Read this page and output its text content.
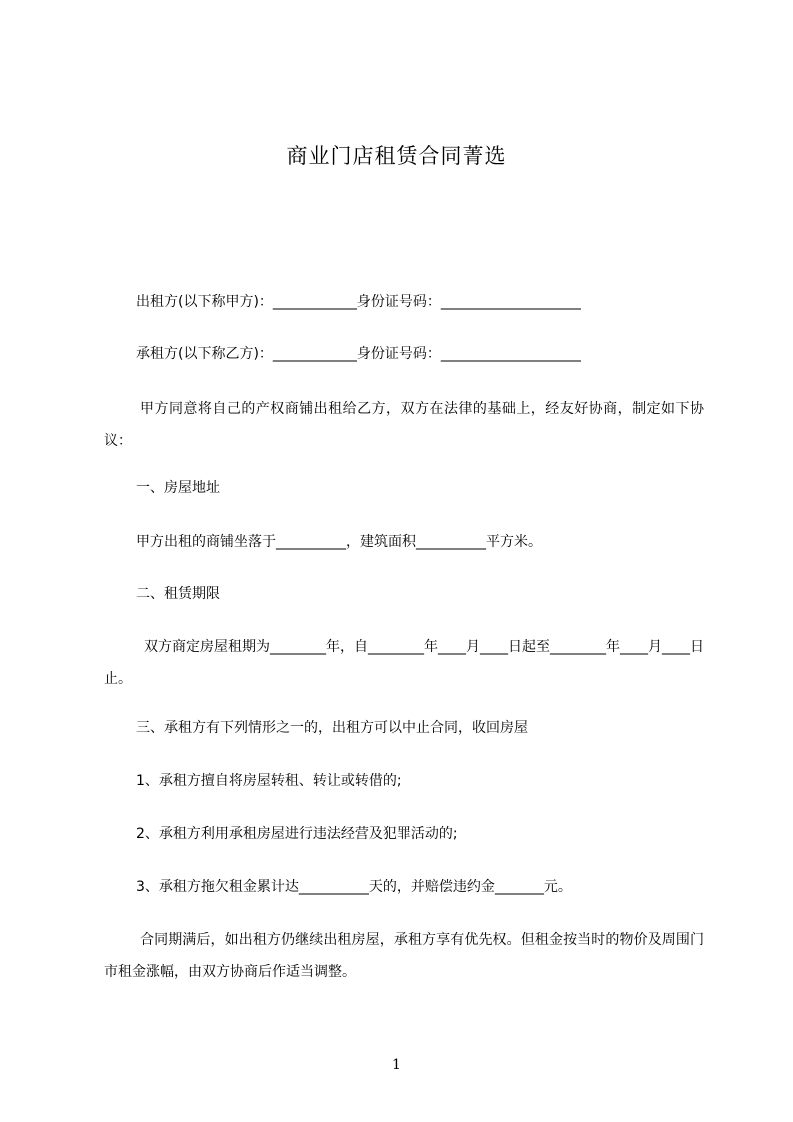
商业门店租赁合同菁选
出租方(以下称甲方)：____________身份证号码：____________________
承租方(以下称乙方)：____________身份证号码：____________________
甲方同意将自己的产权商铺出租给乙方，双方在法律的基础上，经友好协商，制定如下协议：
一、房屋地址
甲方出租的商铺坐落于__________，建筑面积__________平方米。
二、租赁期限
双方商定房屋租期为________年，自________年____月____日起至________年____月____日止。
三、承租方有下列情形之一的，出租方可以中止合同，收回房屋
1、承租方擅自将房屋转租、转让或转借的;
2、承租方利用承租房屋进行违法经营及犯罪活动的;
3、承租方拖欠租金累计达__________天的，并赔偿违约金_______元。
合同期满后，如出租方仍继续出租房屋，承租方享有优先权。但租金按当时的物价及周围门市租金涨幅，由双方协商后作适当调整。
1
